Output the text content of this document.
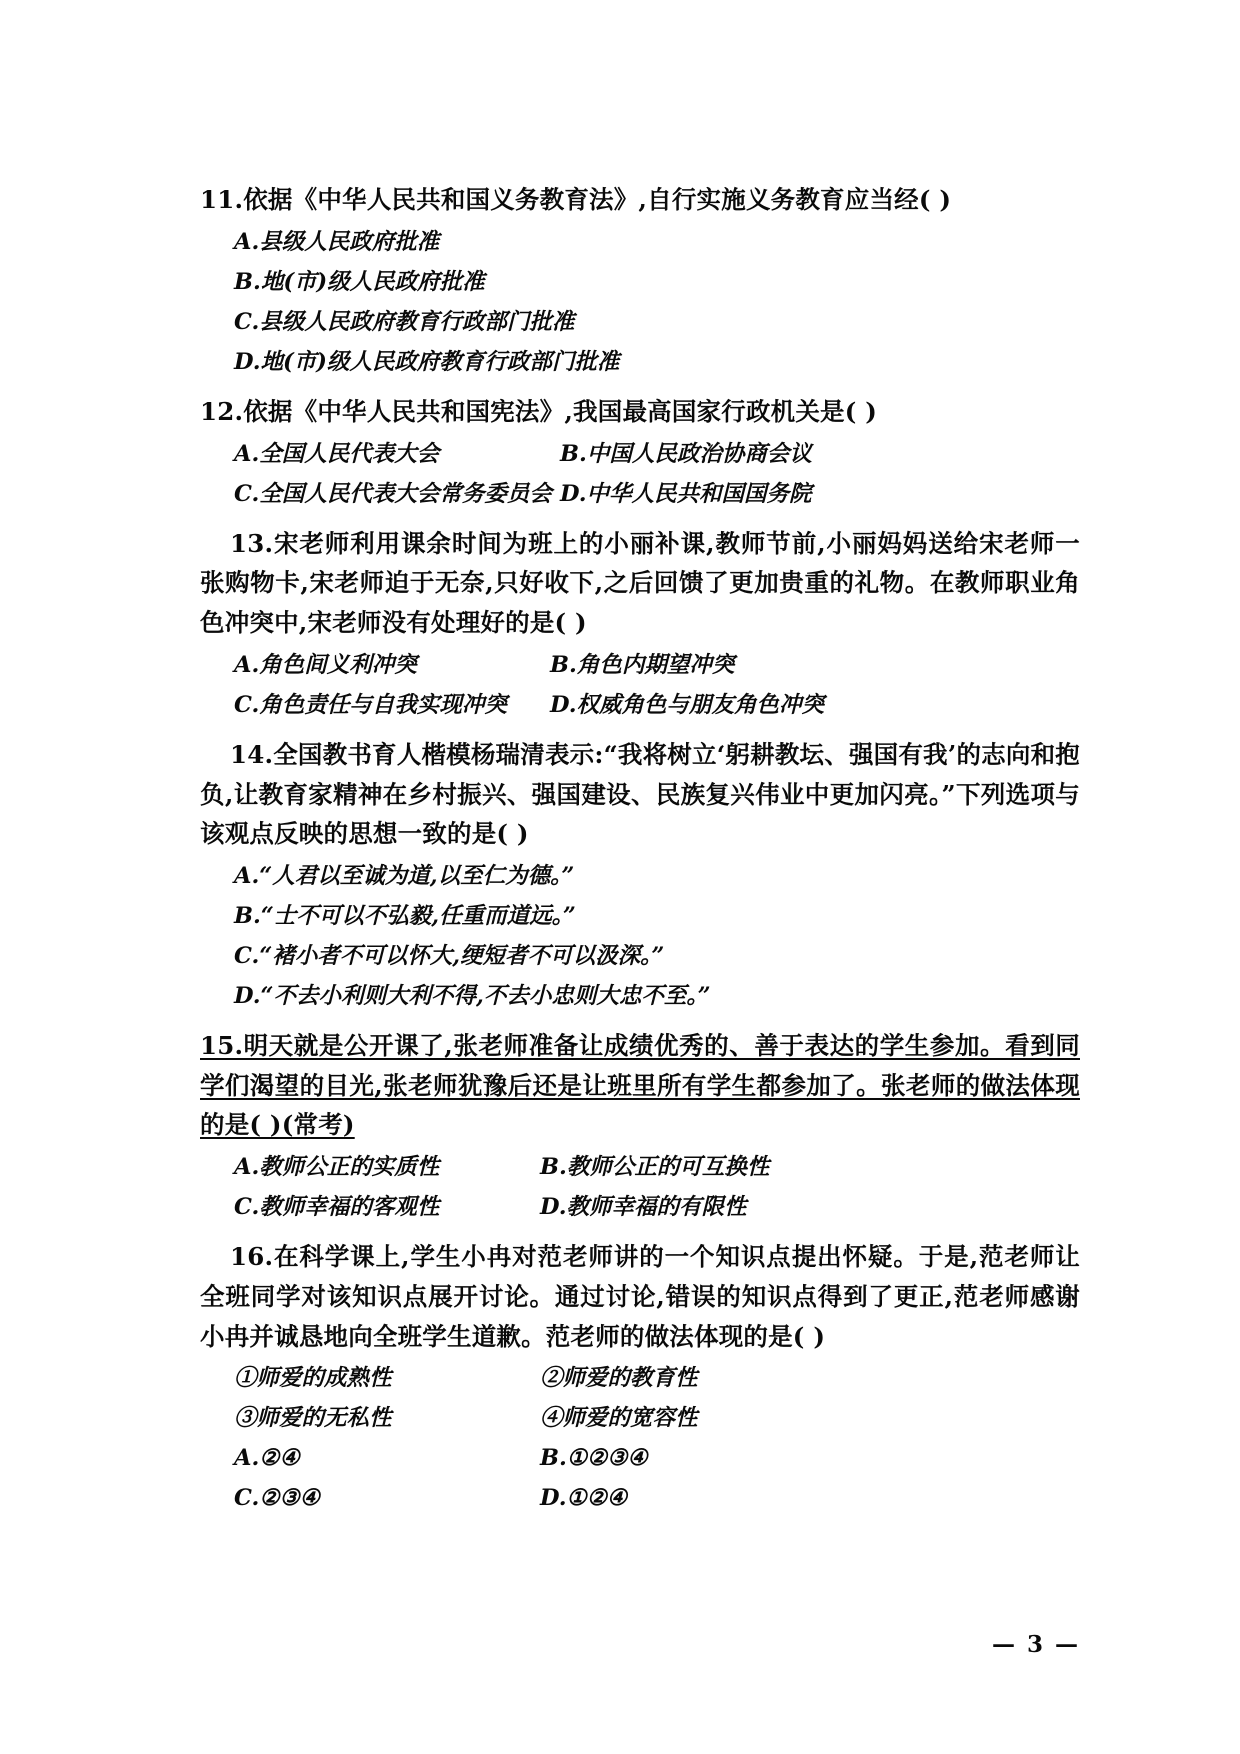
11.依据《中华人民共和国义务教育法》,自行实施义务教育应当经( )
A.县级人民政府批准
B.地(市)级人民政府批准
C.县级人民政府教育行政部门批准
D.地(市)级人民政府教育行政部门批准
12.依据《中华人民共和国宪法》,我国最高国家行政机关是( )
A.全国人民代表大会	B.中国人民政治协商会议
C.全国人民代表大会常务委员会 D.中华人民共和国国务院
13.宋老师利用课余时间为班上的小丽补课,教师节前,小丽妈妈送给宋老师一张购物卡,宋老师迫于无奈,只好收下,之后回馈了更加贵重的礼物。在教师职业角色冲突中,宋老师没有处理好的是( )
A.角色间义利冲突	B.角色内期望冲突
C.角色责任与自我实现冲突	D.权威角色与朋友角色冲突
14.全国教书育人楷模杨瑞清表示:“我将树立‘躬耕教坛、强国有我’的志向和抱负,让教育家精神在乡村振兴、强国建设、民族复兴伟业中更加闪亮。”下列选项与该观点反映的思想一致的是( )
A.“人君以至诚为道,以至仁为德。”
B.“士不可以不弘毅,任重而道远。”
C.“褚小者不可以怀大,绠短者不可以汲深。”
D.“不去小利则大利不得,不去小忠则大忠不至。”
15.明天就是公开课了,张老师准备让成绩优秀的、善于表达的学生参加。看到同学们渴望的目光,张老师犹豫后还是让班里所有学生都参加了。张老师的做法体现的是( )(常考)
A.教师公正的实质性	B.教师公正的可互换性
C.教师幸福的客观性	D.教师幸福的有限性
16.在科学课上,学生小冉对范老师讲的一个知识点提出怀疑。于是,范老师让全班同学对该知识点展开讨论。通过讨论,错误的知识点得到了更正,范老师感谢小冉并诚恳地向全班学生道歉。范老师的做法体现的是( )
①师爱的成熟性	②师爱的教育性
③师爱的无私性	④师爱的宽容性
A.②④	B.①②③④
C.②③④	D.①②④
— 3 —
